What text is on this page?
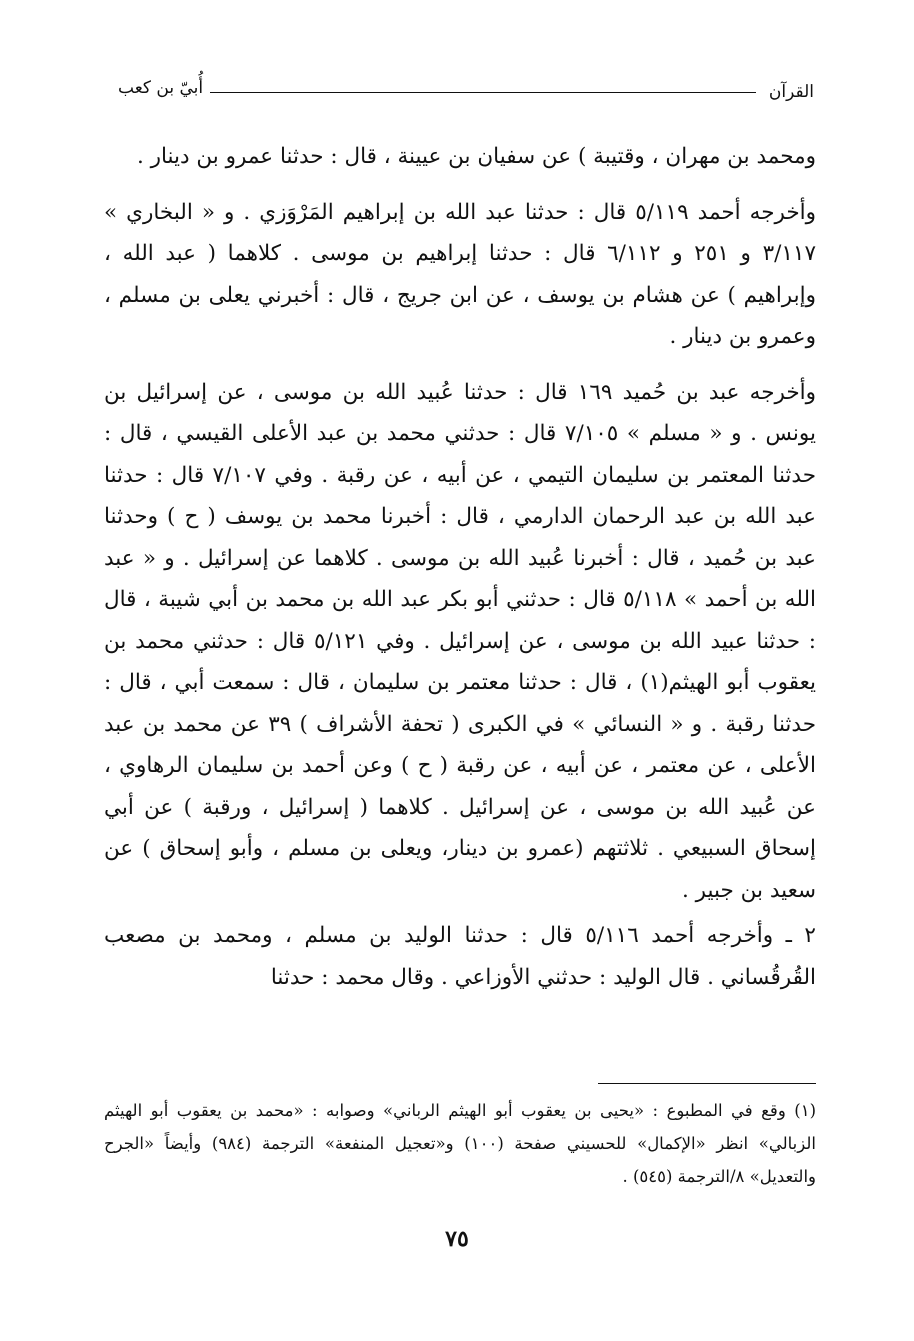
القرآن
أُبيّ بن كعب

ومحمد بن مهران ، وقتيبة ) عن سفيان بن عيينة ، قال : حدثنا عمرو بن دينار .

وأخرجه أحمد ٥/١١٩ قال : حدثنا عبد الله بن إبراهيم المَرْوَزي . و « البخاري » ٣/١١٧ و ٢٥١ و ٦/١١٢ قال : حدثنا إبراهيم بن موسى . كلاهما ( عبد الله ، وإبراهيم ) عن هشام بن يوسف ، عن ابن جريج ، قال : أخبرني يعلى بن مسلم ، وعمرو بن دينار .

وأخرجه عبد بن حُميد ١٦٩ قال : حدثنا عُبيد الله بن موسى ، عن إسرائيل بن يونس . و « مسلم » ٧/١٠٥ قال : حدثني محمد بن عبد الأعلى القيسي ، قال : حدثنا المعتمر بن سليمان التيمي ، عن أبيه ، عن رقبة . وفي ٧/١٠٧ قال : حدثنا عبد الله بن عبد الرحمان الدارمي ، قال : أخبرنا محمد بن يوسف ( ح ) وحدثنا عبد بن حُميد ، قال : أخبرنا عُبيد الله بن موسى . كلاهما عن إسرائيل . و « عبد الله بن أحمد » ٥/١١٨ قال : حدثني أبو بكر عبد الله بن محمد بن أبي شيبة ، قال : حدثنا عبيد الله بن موسى ، عن إسرائيل . وفي ٥/١٢١ قال : حدثني محمد بن يعقوب أبو الهيثم(١) ، قال : حدثنا معتمر بن سليمان ، قال : سمعت أبي ، قال : حدثنا رقبة . و « النسائي » في الكبرى ( تحفة الأشراف ) ٣٩ عن محمد بن عبد الأعلى ، عن معتمر ، عن أبيه ، عن رقبة ( ح ) وعن أحمد بن سليمان الرهاوي ، عن عُبيد الله بن موسى ، عن إسرائيل . كلاهما ( إسرائيل ، ورقبة ) عن أبي إسحاق السبيعي . ثلاثتهم (عمرو بن دينار، ويعلى بن مسلم ، وأبو إسحاق ) عن سعيد بن جبير .

٢ ـ وأخرجه أحمد ٥/١١٦ قال : حدثنا الوليد بن مسلم ، ومحمد بن مصعب القُرقُساني . قال الوليد : حدثني الأوزاعي . وقال محمد : حدثنا

(١) وقع في المطبوع : «يحيى بن يعقوب أبو الهيثم الرباني» وصوابه : «محمد بن يعقوب أبو الهيثم الزبالي» انظر «الإكمال» للحسيني صفحة (١٠٠) و«تعجيل المنفعة» الترجمة (٩٨٤) وأيضاً «الجرح والتعديل» ٨/الترجمة (٥٤٥) .

٧٥
